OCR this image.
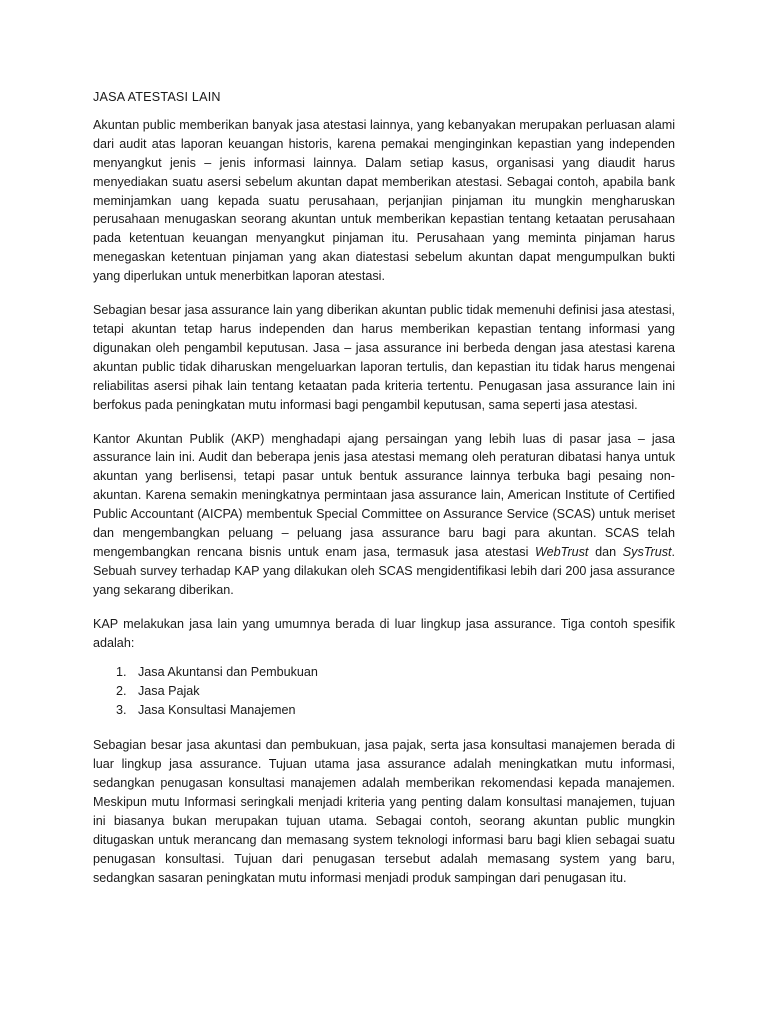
JASA ATESTASI LAIN

Akuntan public memberikan banyak jasa atestasi lainnya, yang kebanyakan merupakan perluasan alami dari audit atas laporan keuangan historis, karena pemakai menginginkan kepastian yang independen menyangkut jenis – jenis informasi lainnya. Dalam setiap kasus, organisasi yang diaudit harus menyediakan suatu asersi sebelum akuntan dapat memberikan atestasi. Sebagai contoh, apabila bank meminjamkan uang kepada suatu perusahaan, perjanjian pinjaman itu mungkin mengharuskan perusahaan menugaskan seorang akuntan untuk memberikan kepastian tentang ketaatan perusahaan pada ketentuan keuangan menyangkut pinjaman itu. Perusahaan yang meminta pinjaman harus menegaskan ketentuan pinjaman yang akan diatestasi sebelum akuntan dapat mengumpulkan bukti yang diperlukan untuk menerbitkan laporan atestasi.

Sebagian besar jasa assurance lain yang diberikan akuntan public tidak memenuhi definisi jasa atestasi, tetapi akuntan tetap harus independen dan harus memberikan kepastian tentang informasi yang digunakan oleh pengambil keputusan. Jasa – jasa assurance ini berbeda dengan jasa atestasi karena akuntan public tidak diharuskan mengeluarkan laporan tertulis, dan kepastian itu tidak harus mengenai reliabilitas asersi pihak lain tentang ketaatan pada kriteria tertentu. Penugasan jasa assurance lain ini berfokus pada peningkatan mutu informasi bagi pengambil keputusan, sama seperti jasa atestasi.

Kantor Akuntan Publik (AKP) menghadapi ajang persaingan yang lebih luas di pasar jasa – jasa assurance lain ini. Audit dan beberapa jenis jasa atestasi memang oleh peraturan dibatasi hanya untuk akuntan yang berlisensi, tetapi pasar untuk bentuk assurance lainnya terbuka bagi pesaing non-akuntan. Karena semakin meningkatnya permintaan jasa assurance lain, American Institute of Certified Public Accountant (AICPA) membentuk Special Committee on Assurance Service (SCAS) untuk meriset dan mengembangkan peluang – peluang jasa assurance baru bagi para akuntan. SCAS telah mengembangkan rencana bisnis untuk enam jasa, termasuk jasa atestasi WebTrust dan SysTrust. Sebuah survey terhadap KAP yang dilakukan oleh SCAS mengidentifikasi lebih dari 200 jasa assurance yang sekarang diberikan.

KAP melakukan jasa lain yang umumnya berada di luar lingkup jasa assurance. Tiga contoh spesifik adalah:

1. Jasa Akuntansi dan Pembukuan
2. Jasa Pajak
3. Jasa Konsultasi Manajemen

Sebagian besar jasa akuntasi dan pembukuan, jasa pajak, serta jasa konsultasi manajemen berada di luar lingkup jasa assurance. Tujuan utama jasa assurance adalah meningkatkan mutu informasi, sedangkan penugasan konsultasi manajemen adalah memberikan rekomendasi kepada manajemen. Meskipun mutu Informasi seringkali menjadi kriteria yang penting dalam konsultasi manajemen, tujuan ini biasanya bukan merupakan tujuan utama. Sebagai contoh, seorang akuntan public mungkin ditugaskan untuk merancang dan memasang system teknologi informasi baru bagi klien sebagai suatu penugasan konsultasi. Tujuan dari penugasan tersebut adalah memasang system yang baru, sedangkan sasaran peningkatan mutu informasi menjadi produk sampingan dari penugasan itu.
